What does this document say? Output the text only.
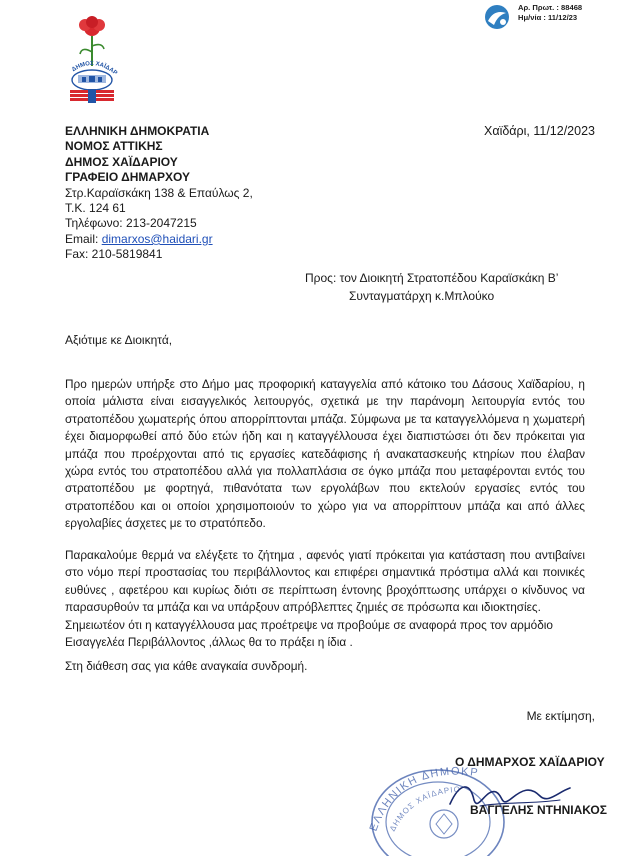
ΔΗΜΟΣ ΧΑΪΔΑΡ
Αρ. Πρωτ. : 88468
Ημ/νία : 11/12/23
ΕΛΛΗΝΙΚΗ ΔΗΜΟΚΡΑΤΙΑ
ΝΟΜΟΣ ΑΤΤΙΚΗΣ
ΔΗΜΟΣ ΧΑΪΔΑΡΙΟΥ
ΓΡΑΦΕΙΟ ΔΗΜΑΡΧΟΥ
Στρ.Καραϊσκάκη 138 & Επαύλως 2,
Τ.Κ. 124 61
Τηλέφωνο: 213-2047215
Email: dimarxos@haidari.gr
Fax: 210-5819841
Χαϊδάρι, 11/12/2023
Προς: τον Διοικητή Στρατοπέδου Καραϊσκάκη Β’
Συνταγματάρχη κ.Μπλούκο
Αξιότιμε κε Διοικητά,
Προ ημερών υπήρξε στο Δήμο μας προφορική καταγγελία από κάτοικο του Δάσους Χαϊδαρίου, η οποία μάλιστα είναι εισαγγελικός λειτουργός, σχετικά με την παράνομη λειτουργία εντός του στρατοπέδου χωματερής όπου απορρίπτονται μπάζα. Σύμφωνα με τα καταγγελλόμενα η χωματερή έχει διαμορφωθεί από δύο ετών ήδη και η καταγγέλλουσα έχει διαπιστώσει ότι δεν πρόκειται για μπάζα που προέρχονται από τις εργασίες κατεδάφισης ή ανακατασκευής κτηρίων που έλαβαν χώρα εντός του στρατοπέδου αλλά για πολλαπλάσια σε όγκο μπάζα που μεταφέρονται εντός του στρατοπέδου με φορτηγά, πιθανότατα των εργολάβων που εκτελούν εργασίες εντός του στρατοπέδου και οι οποίοι χρησιμοποιούν το χώρο για να απορρίπτουν μπάζα και από άλλες εργολαβίες άσχετες με το στρατόπεδο.
Παρακαλούμε θερμά να ελέγξετε το ζήτημα , αφενός γιατί πρόκειται για κατάσταση που αντιβαίνει στο νόμο περί προστασίας του περιβάλλοντος και επιφέρει σημαντικά πρόστιμα αλλά και ποινικές ευθύνες , αφετέρου και κυρίως διότι σε περίπτωση έντονης βροχόπτωσης υπάρχει ο κίνδυνος να παρασυρθούν τα μπάζα και να υπάρξουν απρόβλεπτες ζημιές σε πρόσωπα και ιδιοκτησίες.
Σημειωτέον ότι η καταγγέλλουσα μας προέτρεψε να προβούμε σε αναφορά προς τον αρμόδιο Εισαγγελέα Περιβάλλοντος ,άλλως θα το πράξει η ίδια .
Στη διάθεση σας για κάθε αναγκαία συνδρομή.
Με εκτίμηση,
ΕΛΛΗΝΙΚΗ ΔΗΜΟΚΡ
ΔΗΜΟΣ ΧΑΪΔΑΡΙΟ
Ο ΔΗΜΑΡΧΟΣ ΧΑΪΔΑΡΙΟΥ
ΒΑΓΓΕΛΗΣ ΝΤΗΝΙΑΚΟΣ
